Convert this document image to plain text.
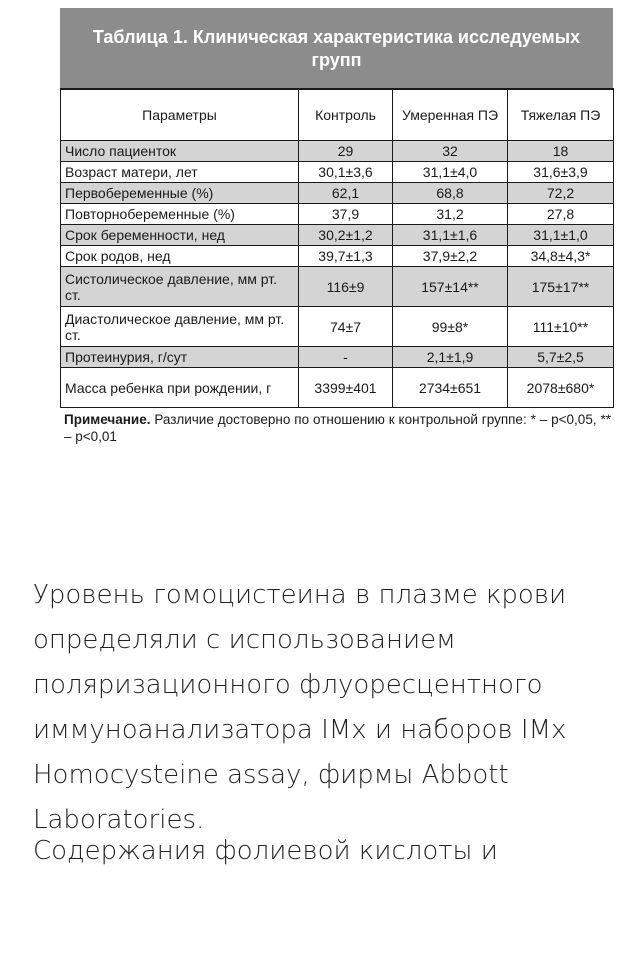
Таблица 1. Клиническая характеристика исследуемых групп
Параметры	Контроль	Умеренная ПЭ	Тяжелая ПЭ
Число пациенток	29	32	18
Возраст матери, лет	30,1±3,6	31,1±4,0	31,6±3,9
Первобеременные (%)	62,1	68,8	72,2
Повторнобеременные (%)	37,9	31,2	27,8
Срок беременности, нед	30,2±1,2	31,1±1,6	31,1±1,0
Срок родов, нед	39,7±1,3	37,9±2,2	34,8±4,3*
Систолическое давление, мм рт. ст.	116±9	157±14**	175±17**
Диастолическое давление, мм рт. ст.	74±7	99±8*	111±10**
Протеинурия, г/сут	-	2,1±1,9	5,7±2,5
Масса ребенка при рождении, г	3399±401	2734±651	2078±680*
Примечание. Различие достоверно по отношению к контрольной группе: * – p<0,05, ** – p<0,01

Уровень гомоцистеина в плазме крови определяли с использованием поляризационного флуоресцентного иммуноанализатора IMx и наборов IMx Homocysteine assay, фирмы Abbott Laboratories.

Содержания фолиевой кислоты и
